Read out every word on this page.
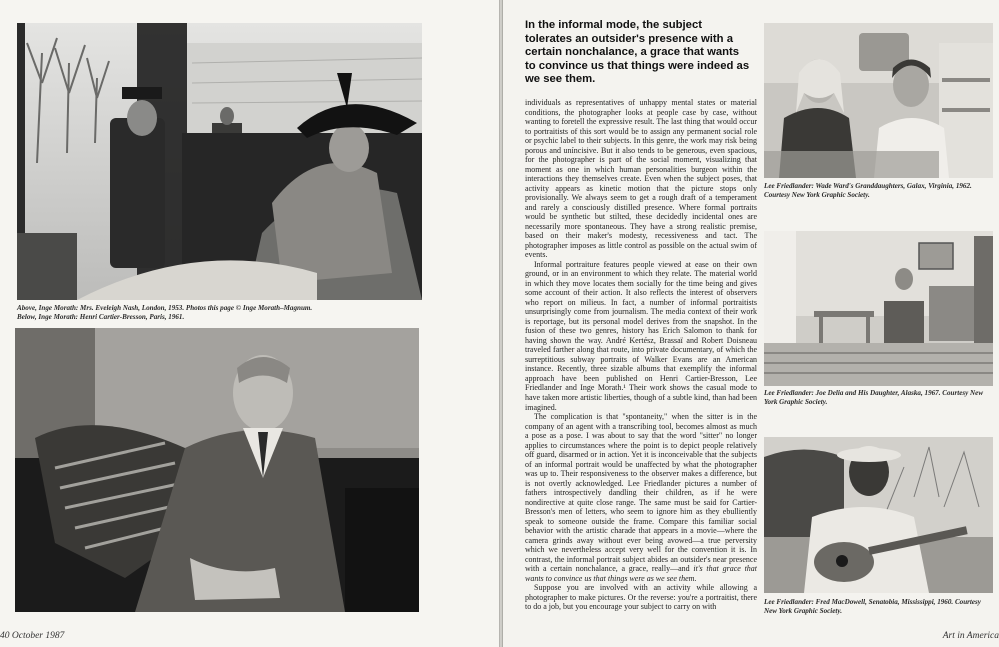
Above, Inge Morath: Mrs. Eveleigh Nash, London, 1953. Photos this page © Inge Morath–Magnum.
Below, Inge Morath: Henri Cartier-Bresson, Paris, 1961.
40 October 1987

In the informal mode, the subject tolerates an outsider's presence with a certain nonchalance, a grace that wants to convince us that things were indeed as we see them.

individuals as representatives of unhappy mental states or material conditions, the photographer looks at people case by case, without wanting to foretell the expressive result. The last thing that would occur to portraitists of this sort would be to assign any permanent social role or psychic label to their subjects. In this genre, the work may risk being porous and uníncisive. But it also tends to be generous, even spacious, for the photographer is part of the social moment, visualizing that moment as one in which human personalities burgeon within the interactions they themselves create. Even when the subject poses, that activity appears as kinetic motion that the picture stops only provisionally. We always seem to get a rough draft of a temperament and rarely a consciously distilled presence. Where formal portraits would be synthetic but stilted, these decidedly incidental ones are necessarily more spontaneous. They have a strong realistic premise, based on their maker's modesty, recessiveness and tact. The photographer imposes as little control as possible on the actual swim of events.

Informal portraiture features people viewed at ease on their own ground, or in an environment to which they relate. The material world in which they move locates them socially for the time being and gives some account of their action. It also reflects the interest of observers who report on milieus. In fact, a number of informal portraitists unsurprisingly come from journalism. The media context of their work is reportage, but its personal model derives from the snapshot. In the fusion of these two genres, history has Erich Salomon to thank for having shown the way. André Kertész, Brassaï and Robert Doisneau traveled farther along that route, into private documentary, of which the surreptitious subway portraits of Walker Evans are an American instance. Recently, three sizable albums that exemplify the informal approach have been published on Henri Cartier-Bresson, Lee Friedlander and Inge Morath.¹ Their work shows the casual mode to have taken more artistic liberties, though of a subtle kind, than had been imagined.

The complication is that "spontaneity," when the sitter is in the company of an agent with a transcribing tool, becomes almost as much a pose as a pose. I was about to say that the word "sitter" no longer applies to circumstances where the point is to depict people relatively off guard, disarmed or in action. Yet it is inconceivable that the subjects of an informal portrait would be unaffected by what the photographer was up to. Their responsiveness to the observer makes a difference, but is not overtly acknowledged. Lee Friedlander pictures a number of fathers introspectively dandling their children, as if he were nondirective at quite close range. The same must be said for Cartier-Bresson's men of letters, who seem to ignore him as they ebulliently speak to someone outside the frame. Compare this familiar social behavior with the artistic charade that appears in a movie—where the camera grinds away without ever being avowed—a true perversity which we nevertheless accept very well for the convention it is. In contrast, the informal portrait subject abides an outsider's near presence with a certain nonchalance, a grace, really—and it's that grace that wants to convince us that things were as we see them.

Suppose you are involved with an activity while allowing a photographer to make pictures. Or the reverse: you're a portraitist, there to do a job, but you encourage your subject to carry on with

Lee Friedlander: Wade Ward's Granddaughters, Galax, Virginia, 1962. Courtesy New York Graphic Society.
Lee Friedlander: Joe Delia and His Daughter, Alaska, 1967. Courtesy New York Graphic Society.
Lee Friedlander: Fred MacDowell, Senatobia, Mississippi, 1960. Courtesy New York Graphic Society.
Art in America
